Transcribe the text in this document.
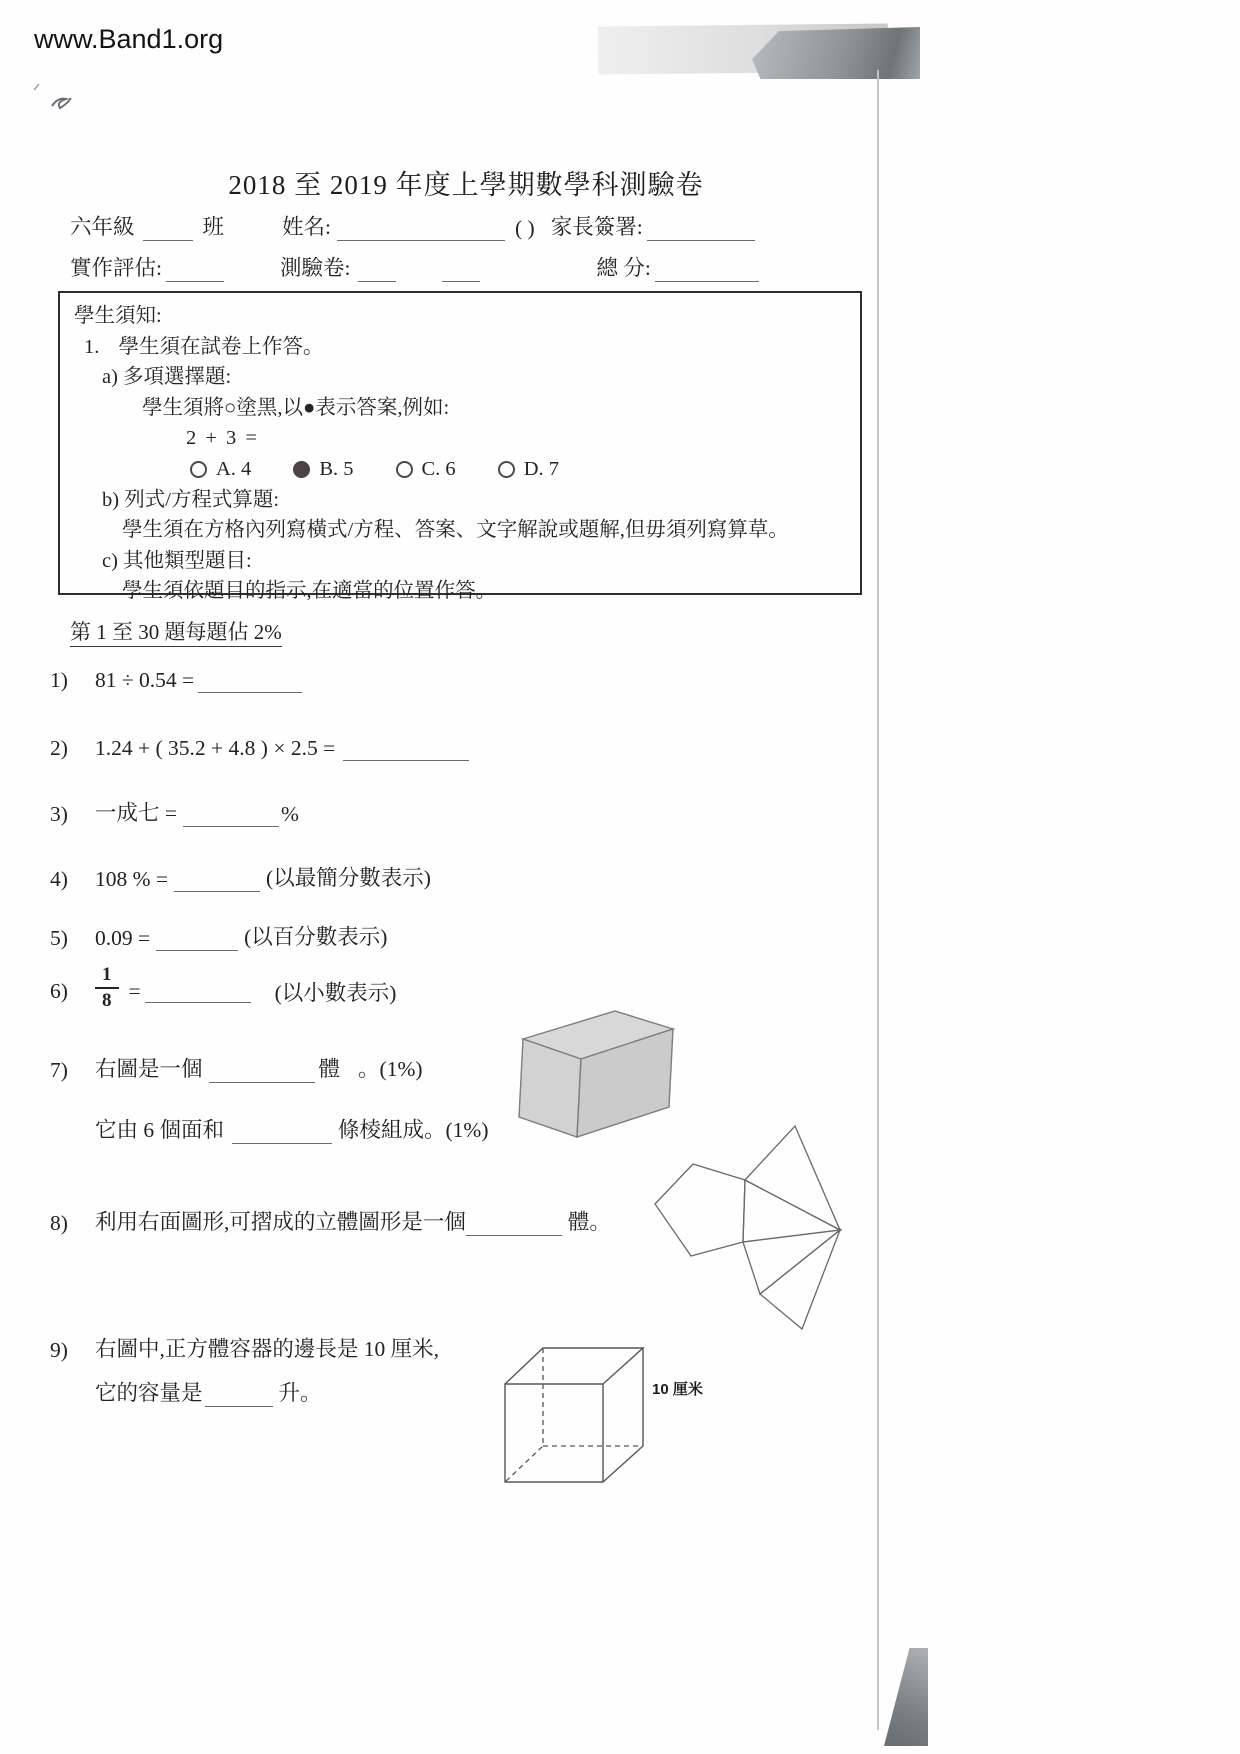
www.Band1.org
2018 至 2019 年度上學期數學科測驗卷
六年級	班	姓名:	( ) 家長簽署:
實作評估:	測驗卷:	總 分:
學生須知:
1. 學生須在試卷上作答。
a) 多項選擇題:
學生須將○塗黑,以●表示答案,例如:
2 + 3 =
A. 4	B. 5	C. 6	D. 7
b) 列式/方程式算題:
學生須在方格內列寫橫式/方程、答案、文字解說或題解,但毋須列寫算草。
c) 其他類型題目:
學生須依題目的指示,在適當的位置作答。
第 1 至 30 題每題佔 2%
1)	81 ÷ 0.54 =
2)	1.24 + ( 35.2 + 4.8 ) × 2.5 =
3)	一成七 =	%
4)	108 % =	(以最簡分數表示)
5)	0.09 =	(以百分數表示)
6)	$\frac{1}{8}$ =	(以小數表示)
7)	右圖是一個	體 。(1%)
它由 6 個面和	條棱組成。(1%)
8)	利用右面圖形,可摺成的立體圖形是一個	體 。
9)	右圖中,正方體容器的邊長是 10 厘米,
它的容量是	升。	10 厘米
